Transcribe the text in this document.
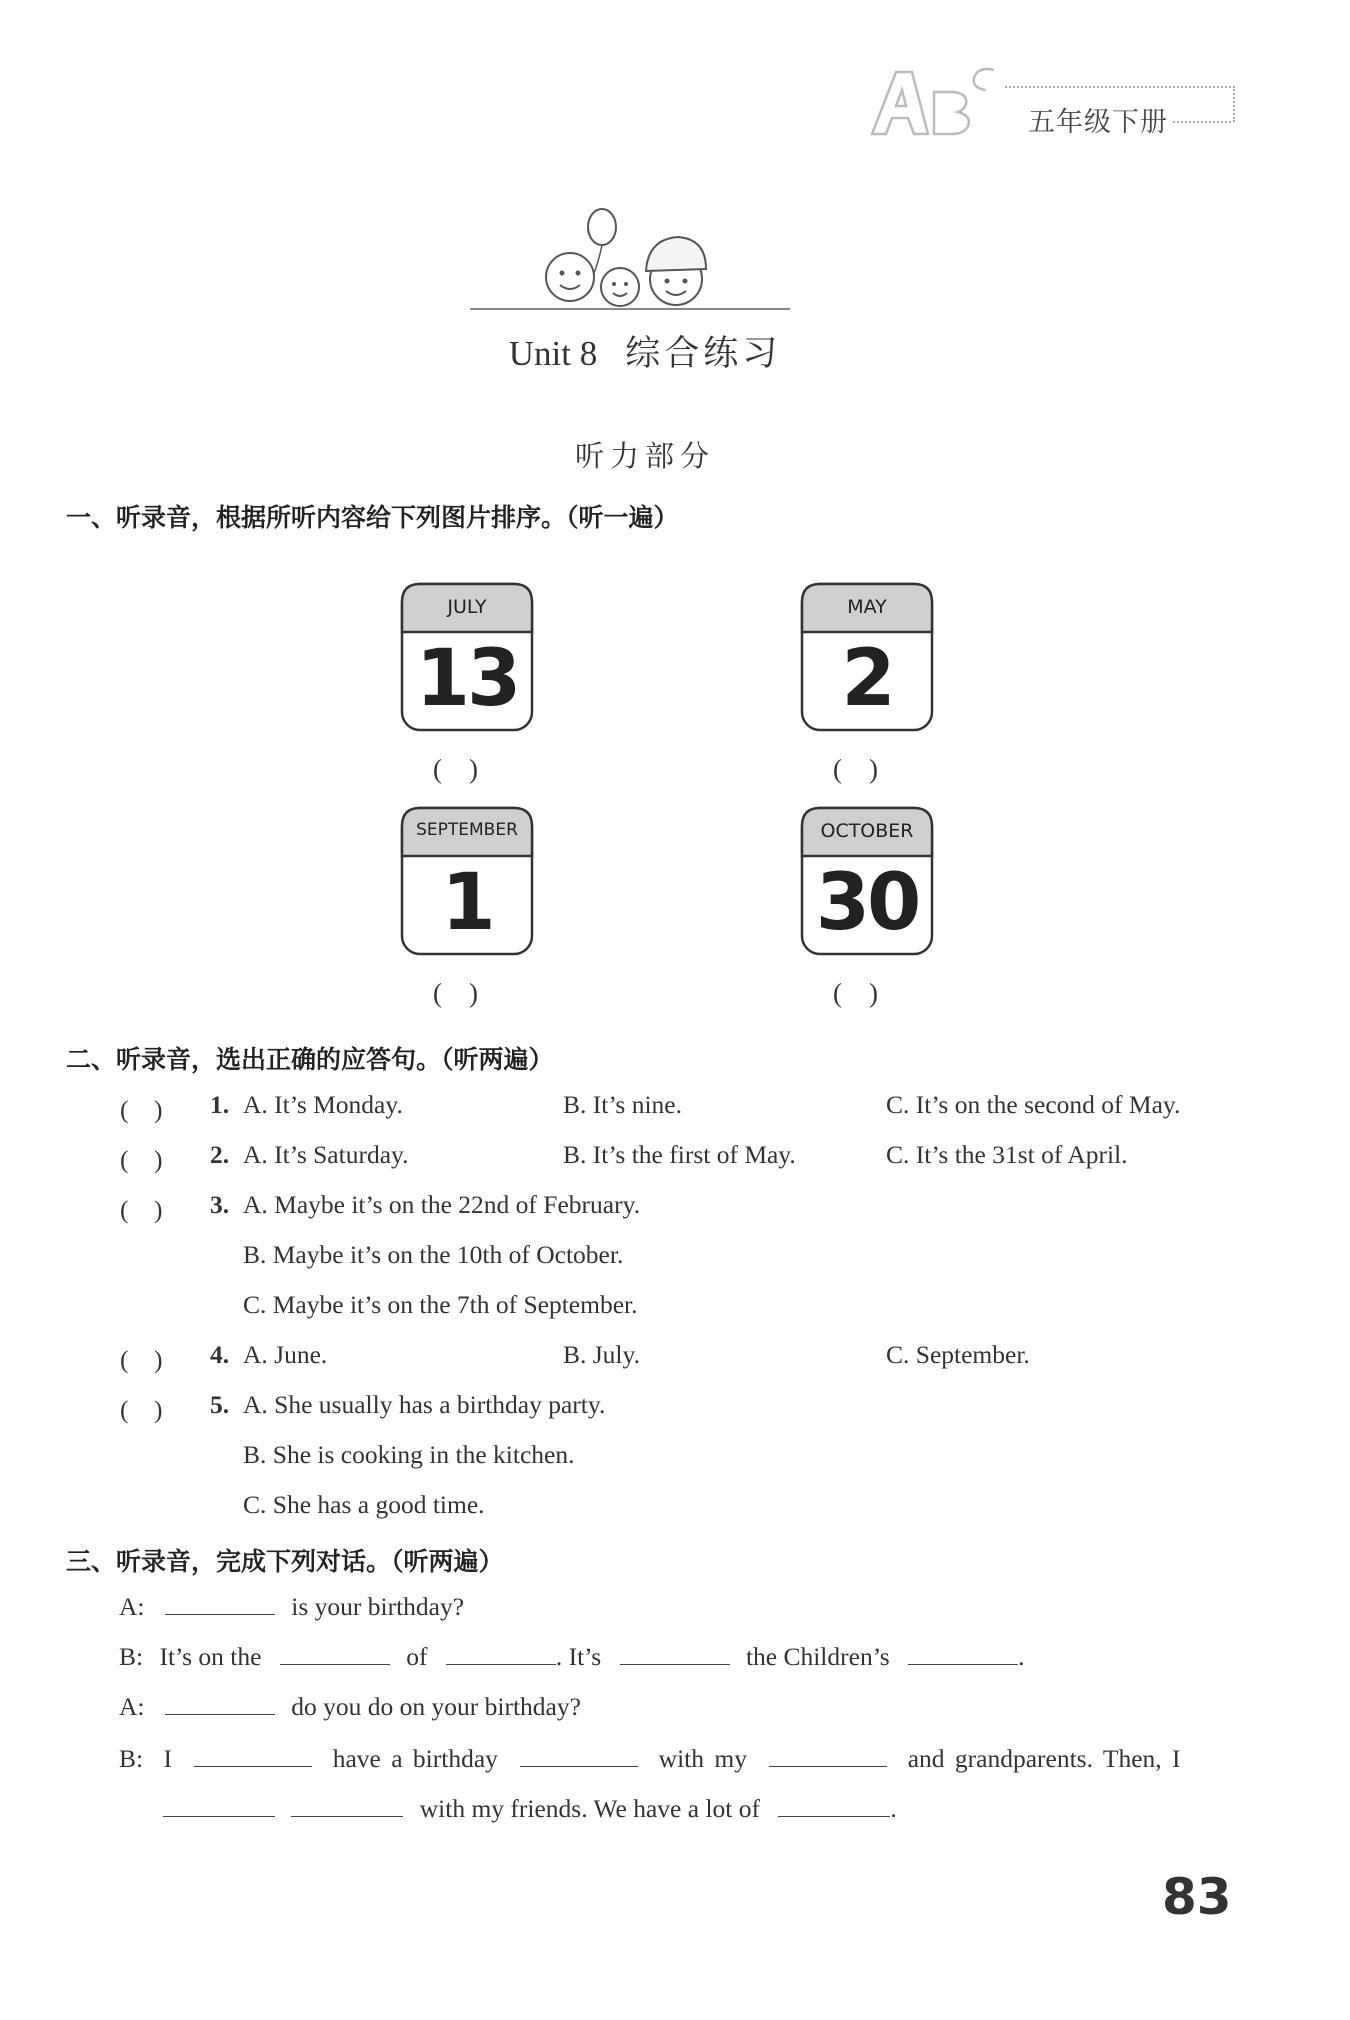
五年级下册
Unit 8 综合练习
听力部分
一、听录音，根据所听内容给下列图片排序。（听一遍）
JULY
13
(　)
MAY
2
(　)
SEPTEMBER
1
(　)
OCTOBER
30
(　)
二、听录音，选出正确的应答句。（听两遍）
(　) 1. A. It’s Monday.	B. It’s nine.	C. It’s on the second of May.
(　) 2. A. It’s Saturday.	B. It’s the first of May.	C. It’s the 31st of April.
(　) 3. A. Maybe it’s on the 22nd of February.
B. Maybe it’s on the 10th of October.
C. Maybe it’s on the 7th of September.
(　) 4. A. June.	B. July.	C. September.
(　) 5. A. She usually has a birthday party.
B. She is cooking in the kitchen.
C. She has a good time.
三、听录音，完成下列对话。（听两遍）
A:	is your birthday?
B: It’s on the	of	. It’s	the Children’s	.
A:	do you do on your birthday?
B: I	have a birthday	with my	and grandparents. Then, I
with my friends. We have a lot of	.
83
